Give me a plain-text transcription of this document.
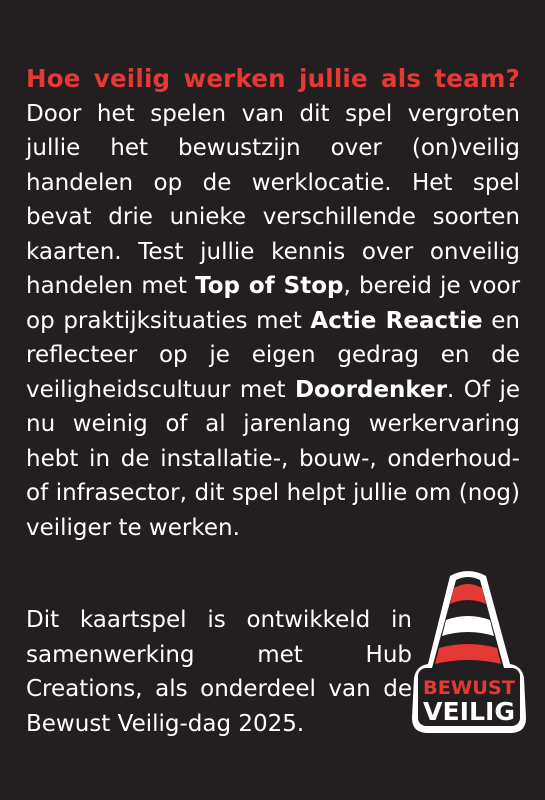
Hoe veilig werken jullie als team?

Door het spelen van dit spel vergroten jullie het bewustzijn over (on)veilig handelen op de werklocatie. Het spel bevat drie unieke verschillende soorten kaarten. Test jullie kennis over onveilig handelen met Top of Stop, bereid je voor op praktijksituaties met Actie Reactie en reflecteer op je eigen gedrag en de veiligheidscultuur met Doordenker. Of je nu weinig of al jarenlang werkervaring hebt in de installatie-, bouw-, onderhoud- of infrasector, dit spel helpt jullie om (nog) veiliger te werken.

Dit kaartspel is ontwikkeld in samenwerking met Hub Creations, als onderdeel van de Bewust Veilig-dag 2025.

BEWUST
VEILIG
